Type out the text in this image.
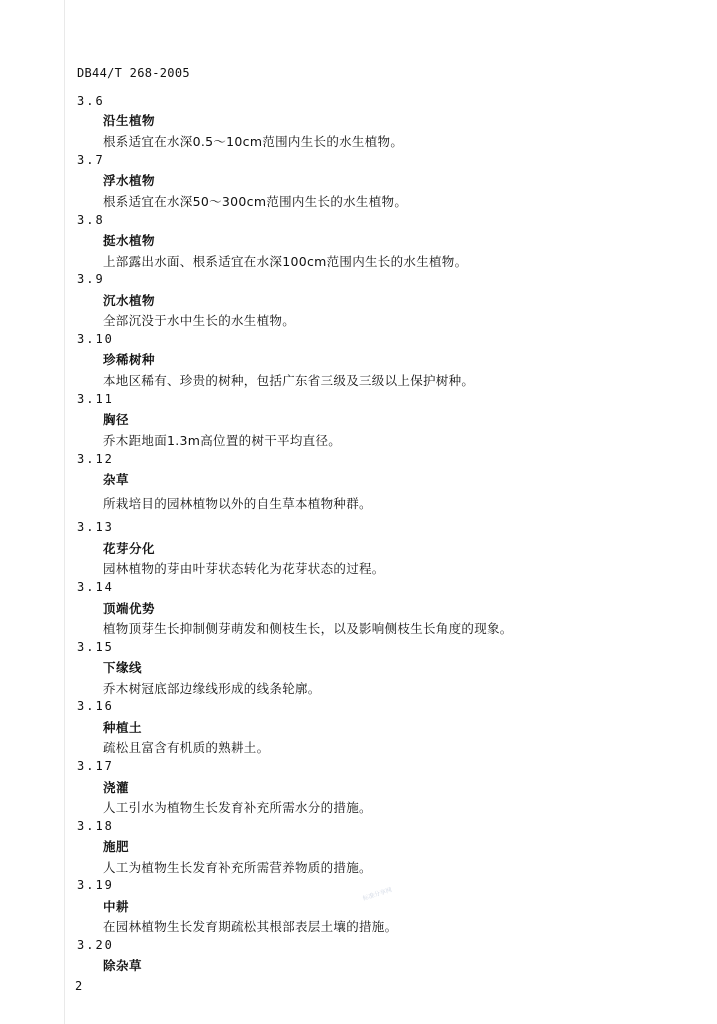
DB44/T 268-2005
3.6
沿生植物
根系适宜在水深0.5～10cm范围内生长的水生植物。
3.7
浮水植物
根系适宜在水深50～300cm范围内生长的水生植物。
3.8
挺水植物
上部露出水面、根系适宜在水深100cm范围内生长的水生植物。
3.9
沉水植物
全部沉没于水中生长的水生植物。
3.10
珍稀树种
本地区稀有、珍贵的树种，包括广东省三级及三级以上保护树种。
3.11
胸径
乔木距地面1.3m高位置的树干平均直径。
3.12
杂草
所栽培目的园林植物以外的自生草本植物种群。
3.13
花芽分化
园林植物的芽由叶芽状态转化为花芽状态的过程。
3.14
顶端优势
植物顶芽生长抑制侧芽萌发和侧枝生长，以及影响侧枝生长角度的现象。
3.15
下缘线
乔木树冠底部边缘线形成的线条轮廓。
3.16
种植土
疏松且富含有机质的熟耕土。
3.17
浇灌
人工引水为植物生长发育补充所需水分的措施。
3.18
施肥
人工为植物生长发育补充所需营养物质的措施。
3.19
中耕
在园林植物生长发育期疏松其根部表层土壤的措施。
3.20
除杂草
标准分享网
2
